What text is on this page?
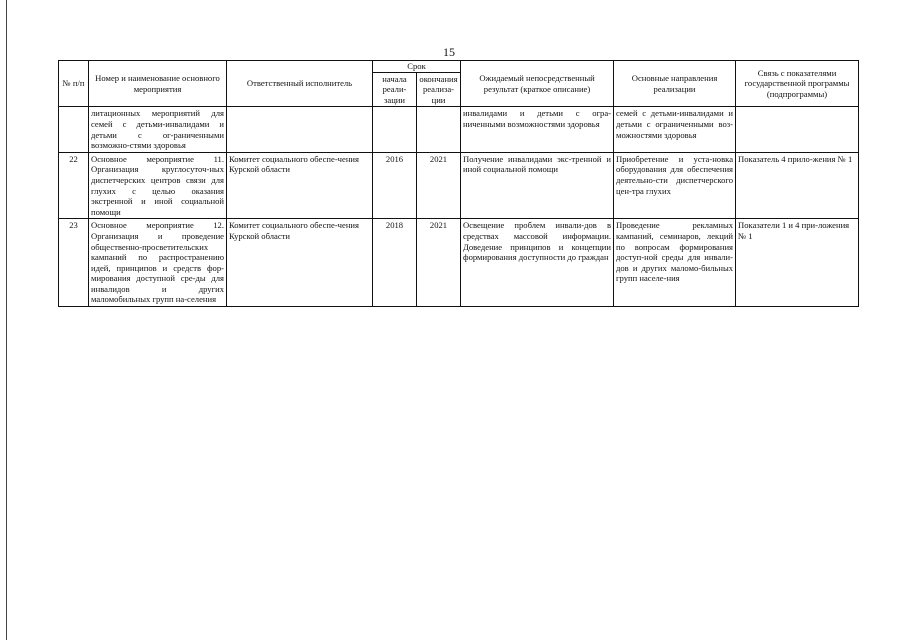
15
№ п/п	Номер и наименование основного мероприятия	Ответственный исполнитель	Срок		Ожидаемый непосредственный результат (краткое описание)	Основные направления реализации	Связь с показателями государственной программы (подпрограммы)
			начала реали-зации	окончания реализа-ции			
	литационных мероприятий для семей с детьми-инвалидами и детьми с ог-раниченными возможно-стями здоровья				инвалидами и детьми с огра-ниченными возможностями здоровья	семей с детьми-инвалидами и детьми с ограниченными воз-можностями здоровья	
22	Основное мероприятие 11. Организация круглосуточ-ных диспетчерских центров связи для глухих с целью оказания экстренной и иной социальной помощи	Комитет социального обеспе-чения Курской области	2016	2021	Получение инвалидами экс-тренной и иной социальной помощи	Приобретение и уста-новка оборудования для обеспечения деятельно-сти диспетчерского цен-тра глухих	Показатель 4 прило-жения № 1
23	Основное мероприятие 12. Организация и проведение общественно-просветительских кампаний по распространению идей, принципов и средств фор-мирования доступной сре-ды для инвалидов и других маломобильных групп на-селения	Комитет социального обеспе-чения Курской области	2018	2021	Освещение проблем инвали-дов в средствах массовой информации. Доведение принципов и концепции формирования доступности до граждан	Проведение рекламных кампаний, семинаров, лекций по вопросам формирования доступ-ной среды для инвали-дов и других маломо-бильных групп населе-ния	Показатели 1 и 4 при-ложения № 1
